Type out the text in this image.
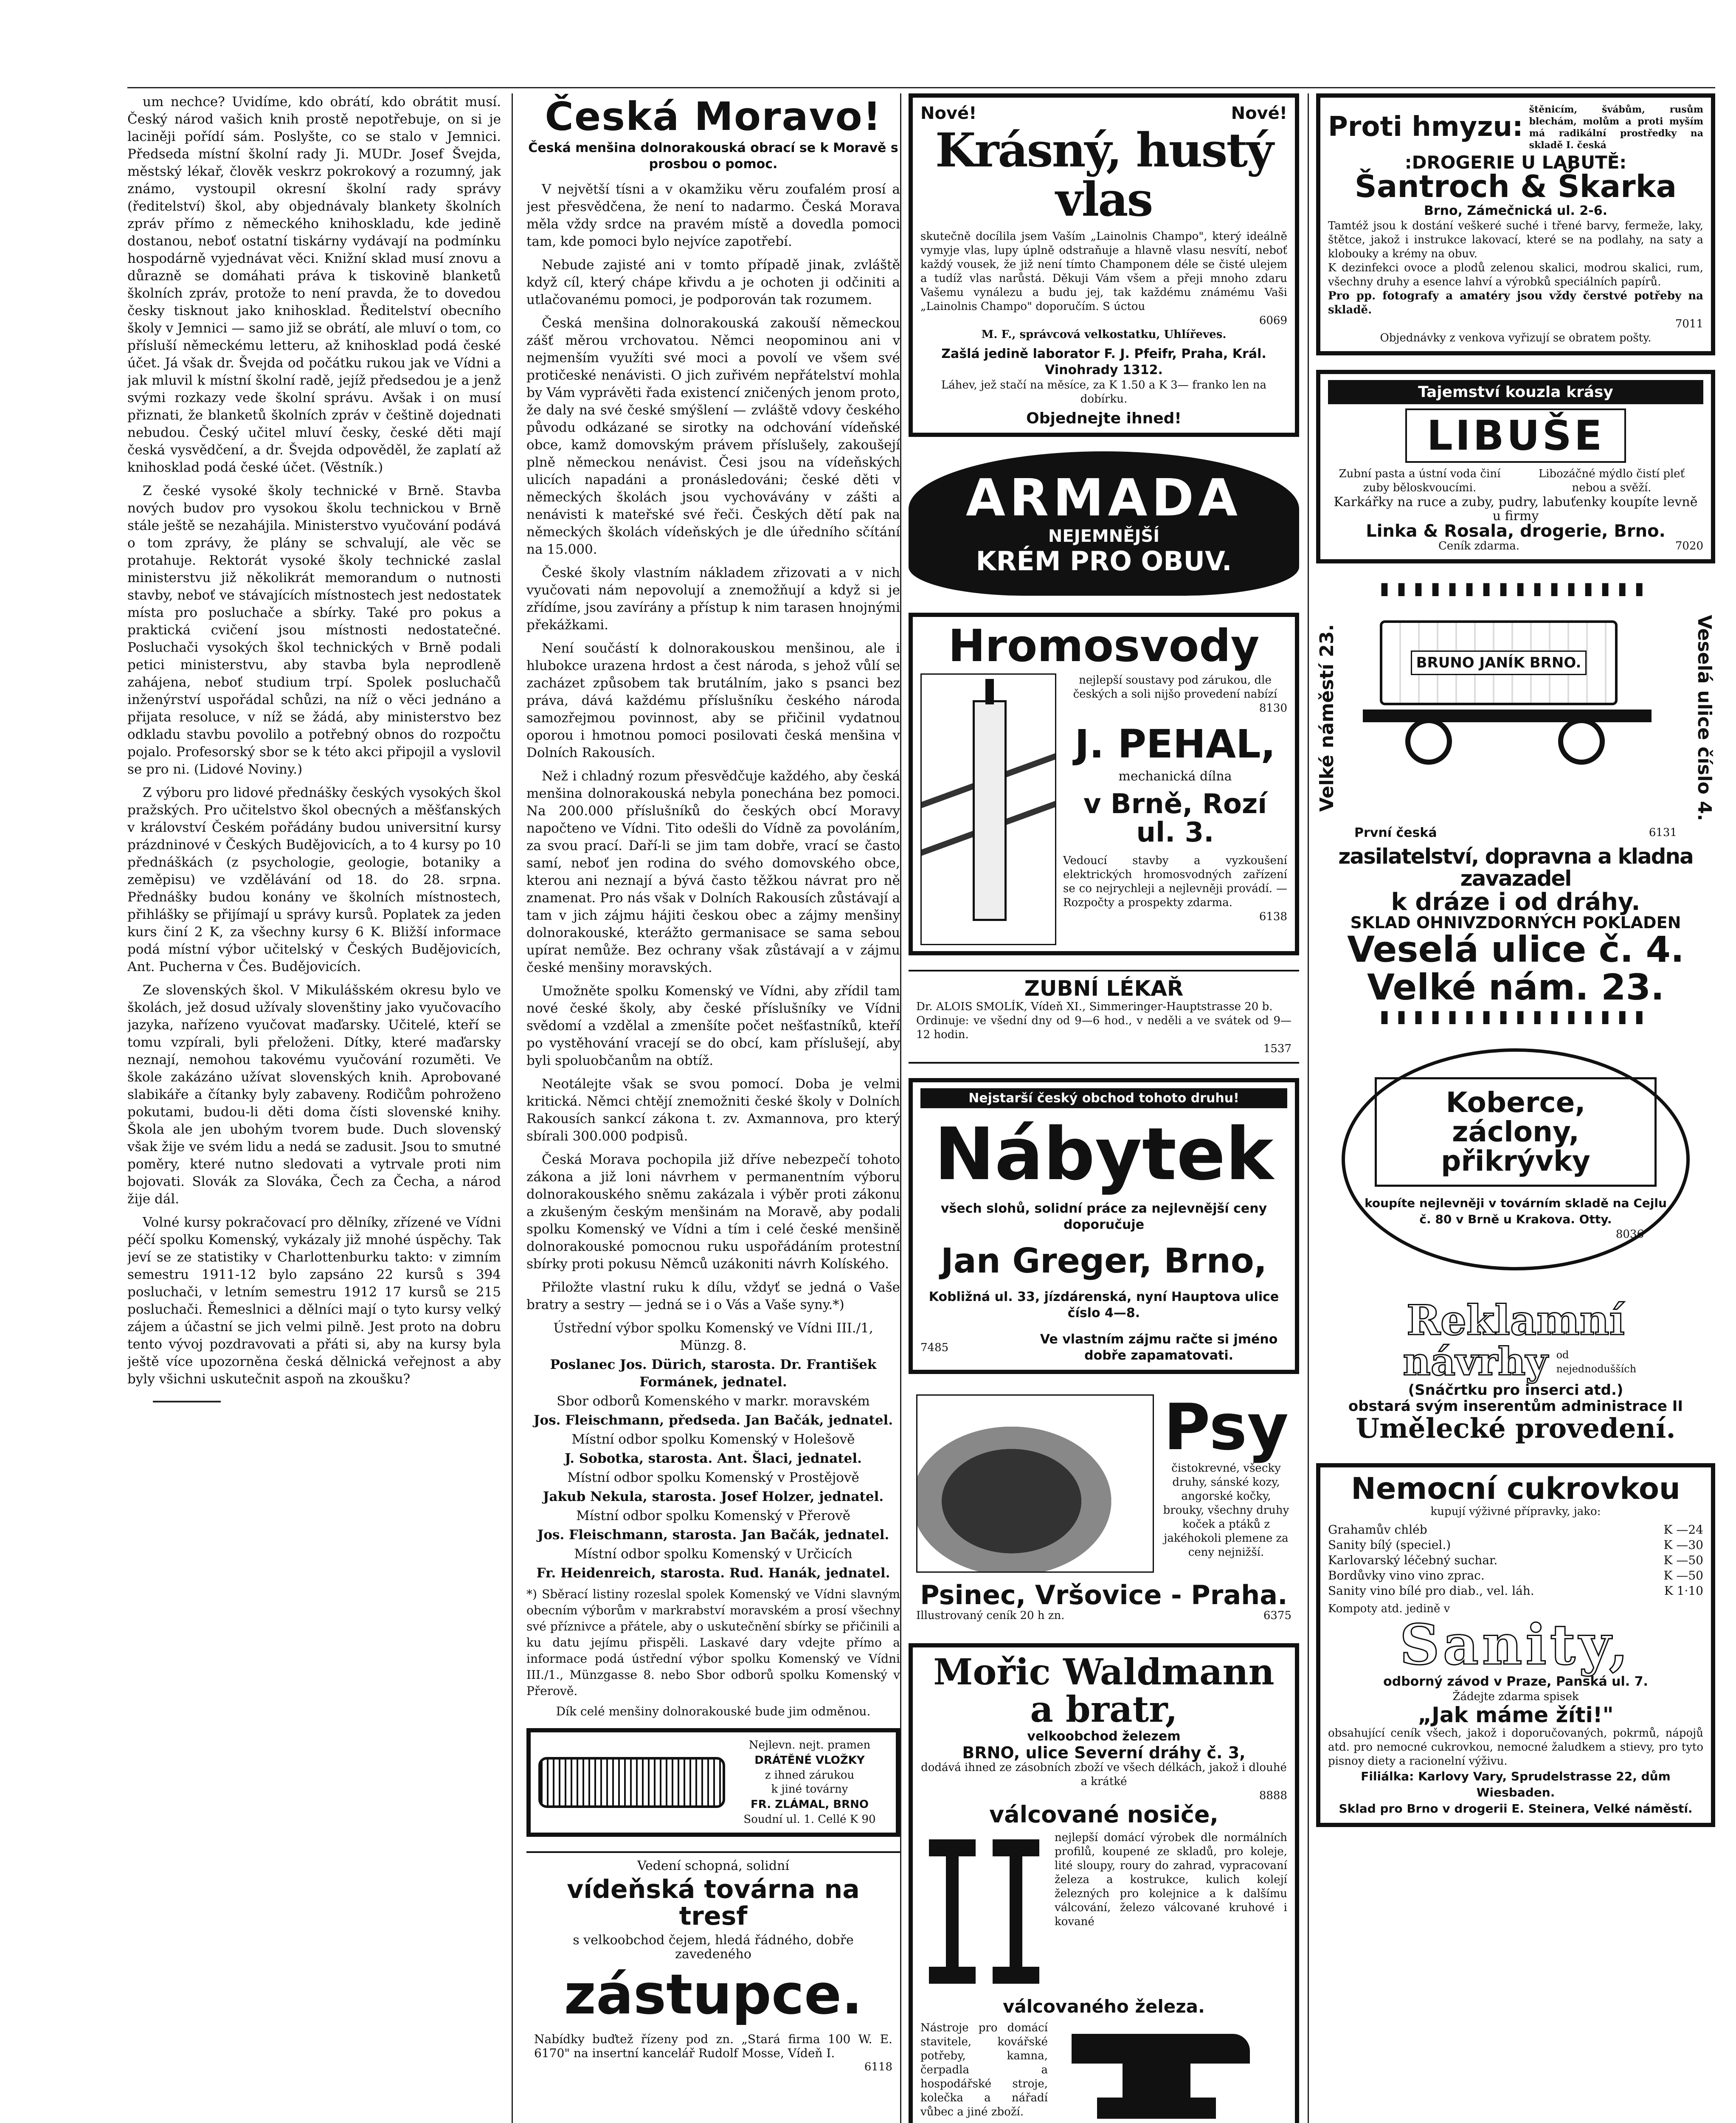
um nechce? Uvidíme, kdo obrátí, kdo obrátit musí. Český národ vašich knih prostě nepotřebuje, on si je laciněji pořídí sám. Poslyšte, co se stalo v Jemnici. Předseda místní školní rady Ji. MUDr. Josef Švejda, městský lékař, člověk veskrz pokrokový a rozumný, jak známo, vystoupil okresní školní rady správy (ředitelství) škol, aby objednávaly blankety školních zpráv přímo z německého knihoskladu, kde jedině dostanou, neboť ostatní tiskárny vydávají na podmínku hospodárně vyjednávat věci. Knižní sklad musí znovu a důrazně se domáhati práva k tiskovině blanketů školních zpráv, protože to není pravda, že to dovedou česky tisknout jako knihosklad. Ředitelství obecního školy v Jemnici — samo již se obrátí, ale mluví o tom, co přísluší německému letteru, až knihosklad podá české účet. Já však dr. Švejda od počátku rukou jak ve Vídni a jak mluvil k místní školní radě, jejíž předsedou je a jenž svými rozkazy vede školní správu. Avšak i on musí přiznati, že blanketů školních zpráv v češtině dojednati nebudou. Český učitel mluví česky, české děti mají česká vysvědčení, a dr. Švejda odpověděl, že zaplatí až knihosklad podá české účet. (Věstník.)

Z české vysoké školy technické v Brně. Stavba nových budov pro vysokou školu technickou v Brně stále ještě se nezahájila. Ministerstvo vyučování podává o tom zprávy, že plány se schvalují, ale věc se protahuje. Rektorát vysoké školy technické zaslal ministerstvu již několikrát memorandum o nutnosti stavby, neboť ve stávajících místnostech jest nedostatek místa pro posluchače a sbírky. Také pro pokus a praktická cvičení jsou místnosti nedostatečné. Posluchači vysokých škol technických v Brně podali petici ministerstvu, aby stavba byla neprodleně zahájena, neboť studium trpí. Spolek posluchačů inženýrství uspořádal schůzi, na níž o věci jednáno a přijata resoluce, v níž se žádá, aby ministerstvo bez odkladu stavbu povolilo a potřebný obnos do rozpočtu pojalo. Profesorský sbor se k této akci připojil a vyslovil se pro ni. (Lidové Noviny.)

Z výboru pro lidové přednášky českých vysokých škol pražských. Pro učitelstvo škol obecných a měšťanských v království Českém pořádány budou universitní kursy prázdninové v Českých Budějovicích, a to 4 kursy po 10 přednáškách (z psychologie, geologie, botaniky a zeměpisu) ve vzdělávání od 18. do 28. srpna. Přednášky budou konány ve školních místnostech, přihlášky se přijímají u správy kursů. Poplatek za jeden kurs činí 2 K, za všechny kursy 6 K. Bližší informace podá místní výbor učitelský v Českých Budějovicích, Ant. Pucherna v Čes. Budějovicích.

Ze slovenských škol. V Mikulášském okresu bylo ve školách, jež dosud užívaly slovenštiny jako vyučovacího jazyka, nařízeno vyučovat maďarsky. Učitelé, kteří se tomu vzpírali, byli přeloženi. Dítky, které maďarsky neznají, nemohou takovému vyučování rozuměti. Ve škole zakázáno užívat slovenských knih. Aprobované slabikáře a čítanky byly zabaveny. Rodičům pohroženo pokutami, budou-li děti doma čísti slovenské knihy. Škola ale jen ubohým tvorem bude. Duch slovenský však žije ve svém lidu a nedá se zadusit. Jsou to smutné poměry, které nutno sledovati a vytrvale proti nim bojovati. Slovák za Slováka, Čech za Čecha, a národ žije dál.

Volné kursy pokračovací pro dělníky, zřízené ve Vídni péčí spolku Komenský, vykázaly již mnohé úspěchy. Tak jeví se ze statistiky v Charlottenburku takto: v zimním semestru 1911-12 bylo zapsáno 22 kursů s 394 posluchači, v letním semestru 1912 17 kursů se 215 posluchači. Řemeslnici a dělníci mají o tyto kursy velký zájem a účastní se jich velmi pilně. Jest proto na dobru tento vývoj pozdravovati a přáti si, aby na kursy byla ještě více upozorněna česká dělnická veřejnost a aby byly všichni uskutečnit aspoň na zkoušku?

Česká Moravo!

Česká menšina dolnorakouská obrací se k Moravě s prosbou o pomoc.

V největší tísni a v okamžiku věru zoufalém prosí a jest přesvědčena, že není to nadarmo. Česká Morava měla vždy srdce na pravém místě a dovedla pomoci tam, kde pomoci bylo nejvíce zapotřebí.

Nebude zajisté ani v tomto případě jinak, zvláště když cíl, který chápe křivdu a je ochoten ji odčiniti a utlačovanému pomoci, je podporován tak rozumem.

Česká menšina dolnorakouská zakouší německou zášť měrou vrchovatou. Němci neopominou ani v nejmenším využíti své moci a povolí ve všem své protičeské nenávisti. O jich zuřivém nepřátelství mohla by Vám vyprávěti řada existencí zničených jenom proto, že daly na své české smýšlení — zvláště vdovy českého původu odkázané se sirotky na odchování vídeňské obce, kamž domovským právem příslušely, zakoušejí plně německou nenávist. Česi jsou na vídeňských ulicích napadáni a pronásledováni; české děti v německých školách jsou vychovávány v zášti a nenávisti k mateřské své řeči. Českých dětí pak na německých školách vídeňských je dle úředního sčítání na 15.000.

České školy vlastním nákladem zřizovati a v nich vyučovati nám nepovolují a znemožňují a když si je zřídíme, jsou zavírány a přístup k nim tarasen hnojnými překážkami.

Není součástí k dolnorakouskou menšinou, ale i hlubokce urazena hrdost a čest národa, s jehož vůlí se zacházet způsobem tak brutálním, jako s psanci bez práva, dává každému příslušníku českého národa samozřejmou povinnost, aby se přičinil vydatnou oporou i hmotnou pomoci posilovati česká menšina v Dolních Rakousích.

Než i chladný rozum přesvědčuje každého, aby česká menšina dolnorakouská nebyla ponechána bez pomoci. Na 200.000 příslušníků do českých obcí Moravy napočteno ve Vídni. Tito odešli do Vídně za povoláním, za svou prací. Daří-li se jim tam dobře, vrací se často samí, neboť jen rodina do svého domovského obce, kterou ani neznají a bývá často těžkou návrat pro ně znamenat. Pro nás však v Dolních Rakousích zůstávají a tam v jich zájmu hájiti českou obec a zájmy menšiny dolnorakouské, kterážto germanisace se sama sebou upírat nemůže. Bez ochrany však zůstávají a v zájmu české menšiny moravských.

Umožněte spolku Komenský ve Vídni, aby zřídil tam nové české školy, aby české příslušníky ve Vídni svědomí a vzdělal a zmenšíte počet nešťastníků, kteří po vystěhování vracejí se do obcí, kam příslušejí, aby byli spoluobčanům na obtíž.

Neotálejte však se svou pomocí. Doba je velmi kritická. Němci chtějí znemožniti české školy v Dolních Rakousích sankcí zákona t. zv. Axmannova, pro který sbírali 300.000 podpisů.

Česká Morava pochopila již dříve nebezpečí tohoto zákona a již loni návrhem v permanentním výboru dolnorakouského sněmu zakázala i výběr proti zákonu a zkušeným českým menšinám na Moravě, aby podali spolku Komenský ve Vídni a tím i celé české menšině dolnorakouské pomocnou ruku uspořádáním protestní sbírky proti pokusu Němců uzákoniti návrh Kolíského.

Přiložte vlastní ruku k dílu, vždyť se jedná o Vaše bratry a sestry — jedná se i o Vás a Vaše syny.*)

Ústřední výbor spolku Komenský ve Vídni III./1, Münzg. 8.

Poslanec Jos. Dürich, starosta. Dr. František Formánek, jednatel.

Sbor odborů Komenského v markr. moravském

Jos. Fleischmann, předseda. Jan Bačák, jednatel.

Místní odbor spolku Komenský v Holešově

J. Sobotka, starosta. Ant. Šlaci, jednatel.

Místní odbor spolku Komenský v Prostějově

Jakub Nekula, starosta. Josef Holzer, jednatel.

Místní odbor spolku Komenský v Přerově

Jos. Fleischmann, starosta. Jan Bačák, jednatel.

Místní odbor spolku Komenský v Určicích

Fr. Heidenreich, starosta. Rud. Hanák, jednatel.

*) Sběrací listiny rozeslal spolek Komenský ve Vídni slavným obecním výborům v markrabství moravském a prosí všechny své příznivce a přátele, aby o uskutečnění sbírky se přičinili a ku datu jejímu přispěli. Laskavé dary vdejte přímo a informace podá ústřední výbor spolku Komenský ve Vídni III./1., Münzgasse 8. nebo Sbor odborů spolku Komenský v Přerově.

Dík celé menšiny dolnorakouské bude jim odměnou.

Nejlevn. nejt. pramen
DRÁTĚNÉ VLOŽKY
z ihned zárukou
k jiné továrny
FR. ZLÁMAL, BRNO
Soudní ul. 1. Cellé K 90

Vedení schopná, solidní

vídeňská továrna na tresf

s velkoobchod čejem, hledá řádného, dobře zavedeného

zástupce.

Nabídky buďtež řízeny pod zn. „Stará firma 100 W. E. 6170" na insertní kancelář Rudolf Mosse, Vídeň I.

6118

Nové!	Nové!

Krásný, hustý vlas

skutečně docílila jsem Vaším „Lainolnis Champo", který ideálně vymyje vlas, lupy úplně odstraňuje a hlavně vlasu nesvítí, neboť každý vousek, že již není tímto Champonem déle se čisté ulejem a tudíž vlas narůstá. Děkuji Vám všem a přeji mnoho zdaru Vašemu vynálezu a budu jej, tak každému známému Vaši „Lainolnis Champo" doporučím. S úctou

6069

M. F., správcová velkostatku, Uhlířeves.

Zašlá jedině laborator F. J. Pfeifr, Praha, Král. Vinohrady 1312.

Láhev, jež stačí na měsíce, za K 1.50 a K 3— franko len na dobírku.

Objednejte ihned!

ARMADA
NEJEMNĚJŠÍ
KRÉM PRO OBUV.

Hromosvody

nejlepší soustavy pod zárukou, dle českých a soli nijšo provedení nabízí

8130

J. PEHAL,

mechanická dílna

v Brně, Rozí ul. 3.

Vedoucí stavby a vyzkoušení elektrických hromosvodných zařízení se co nejrychleji a nejlevněji provádí. — Rozpočty a prospekty zdarma.

6138

ZUBNÍ LÉKAŘ

Dr. ALOIS SMOLÍK, Vídeň XI., Simmeringer-Hauptstrasse 20 b.

Ordinuje: ve všední dny od 9—6 hod., v neděli a ve svátek od 9—12 hodin.

1537

Nejstarší český obchod tohoto druhu!

Nábytek

všech slohů, solidní práce za nejlevnější ceny doporučuje

Jan Greger, Brno,

Kobližná ul. 33, jízdárenská, nyní Hauptova ulice číslo 4—8.

7485
Ve vlastním zájmu račte si jméno dobře zapamatovati.

Psy

čistokrevné, všecky druhy, sánské kozy, angorské kočky, brouky, všechny druhy koček a ptáků z jakéhokoli plemene za ceny nejnižší.

Psinec, Vršovice - Praha.

Illustrovaný ceník 20 h zn.	6375

Mořic Waldmann a bratr,

velkoobchod železem

BRNO, ulice Severní dráhy č. 3,

dodává ihned ze zásobních zboží ve všech délkách, jakož i dlouhé a krátké

8888

válcované nosiče,

nejlepší domácí výrobek dle normálních profilů, koupené ze skladů, pro koleje, lité sloupy, roury do zahrad, vypracovaní železa a kostrukce, kulich kolejí železných pro kolejnice a k dalšímu válcování, železo válcované kruhové i kované

válcovaného železa.

Nástroje pro domácí stavitele, kovářské potřeby, kamna, čerpadla a hospodářské stroje, kolečka a nářadí vůbec a jiné zboží.

Proti hmyzu:

štěnicím, švábům, rusům blechám, molům a proti myším má radikální prostředky na skladě I. česká

:DROGERIE U LABUTĚ:

Šantroch & Škarka

Brno, Zámečnická ul. 2-6.

Tamtéž jsou k dostání veškeré suché i třené barvy, fermeže, laky, štětce, jakož i instrukce lakovací, které se na podlahy, na saty a klobouky a krémy na obuv.

K dezinfekci ovoce a plodů zelenou skalici, modrou skalici, rum, všechny druhy a esence lahví a výrobků speciálních papírů.

Pro pp. fotografy a amatéry jsou vždy čerstvé potřeby na skladě.

7011

Objednávky z venkova vyřizují se obratem pošty.

Tajemství kouzla krásy

LIBUŠE

Zubní pasta a ústní voda činí zuby běloskvoucími.

Libozáčné mýdlo čistí pleť nebou a svěží.

Karkářky na ruce a zuby, pudry, labuťenky koupíte levně u firmy

Linka & Rosala, drogerie, Brno.

Ceník zdarma.	7020
▮▮▮▮▮▮▮▮▮▮▮▮▮▮▮▮
Velké náměstí 23.	Veselá ulice číslo 4.
BRUNO JANÍK BRNO.
První česká	6131

zasilatelství, dopravna a kladna zavazadel

k dráze i od dráhy.

SKLAD OHNIVZDORNÝCH POKLADEN

Veselá ulice č. 4.

Velké nám. 23.

▮▮▮▮▮▮▮▮▮▮▮▮▮▮▮▮

Koberce,

záclony,

přikrývky

koupíte nejlevněji v továrním skladě na Cejlu č. 80 v Brně u Krakova. Otty.

8036

Reklamní

návrhy od nejednodušších

(Snáčrtku pro inserci atd.)

obstará svým inserentům administrace II

Umělecké provedení.

Nemocní cukrovkou

kupují výživné přípravky, jako:

Grahamův chléb	K —24
Sanity bílý (speciel.)	K —30
Karlovarský léčebný suchar.	K —50
Bordůvky vino vino zprac.	K —50
Sanity vino bílé pro diab., vel. láh.	K 1·10

Kompoty atd. jedině v

Sanity,

odborný závod v Praze, Panská ul. 7.

Žádejte zdarma spisek

„Jak máme žíti!"

obsahující ceník všech, jakož i doporučovaných, pokrmů, nápojů atd. pro nemocné cukrovkou, nemocné žaludkem a stievy, pro tyto pisnoy diety a racionelní výživu.

Filiálka: Karlovy Vary, Sprudelstrasse 22, dům Wiesbaden.

Sklad pro Brno v drogerii E. Steinera, Velké náměstí.
